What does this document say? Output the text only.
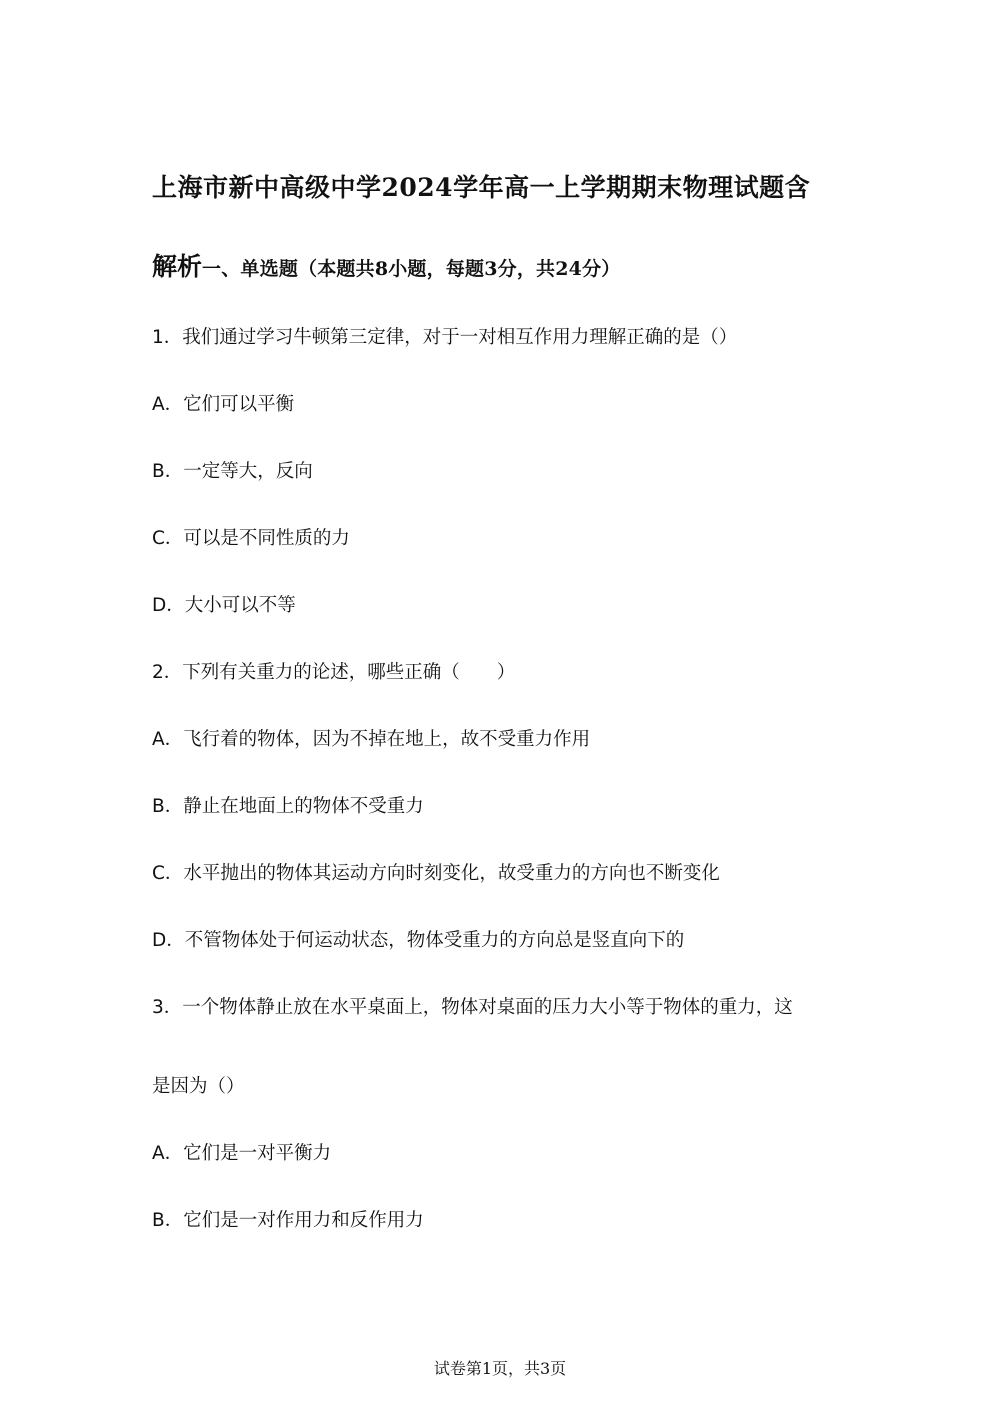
上海市新中高级中学2024学年高一上学期期末物理试题含
解析一、单选题（本题共8小题，每题3分，共24分）
1．我们通过学习牛顿第三定律，对于一对相互作用力理解正确的是（）
A．它们可以平衡
B．一定等大，反向
C．可以是不同性质的力
D．大小可以不等
2．下列有关重力的论述，哪些正确（　　）
A．飞行着的物体，因为不掉在地上，故不受重力作用
B．静止在地面上的物体不受重力
C．水平抛出的物体其运动方向时刻变化，故受重力的方向也不断变化
D．不管物体处于何运动状态，物体受重力的方向总是竖直向下的
3．一个物体静止放在水平桌面上，物体对桌面的压力大小等于物体的重力，这
是因为（）
A．它们是一对平衡力
B．它们是一对作用力和反作用力
试卷第1页，共3页
